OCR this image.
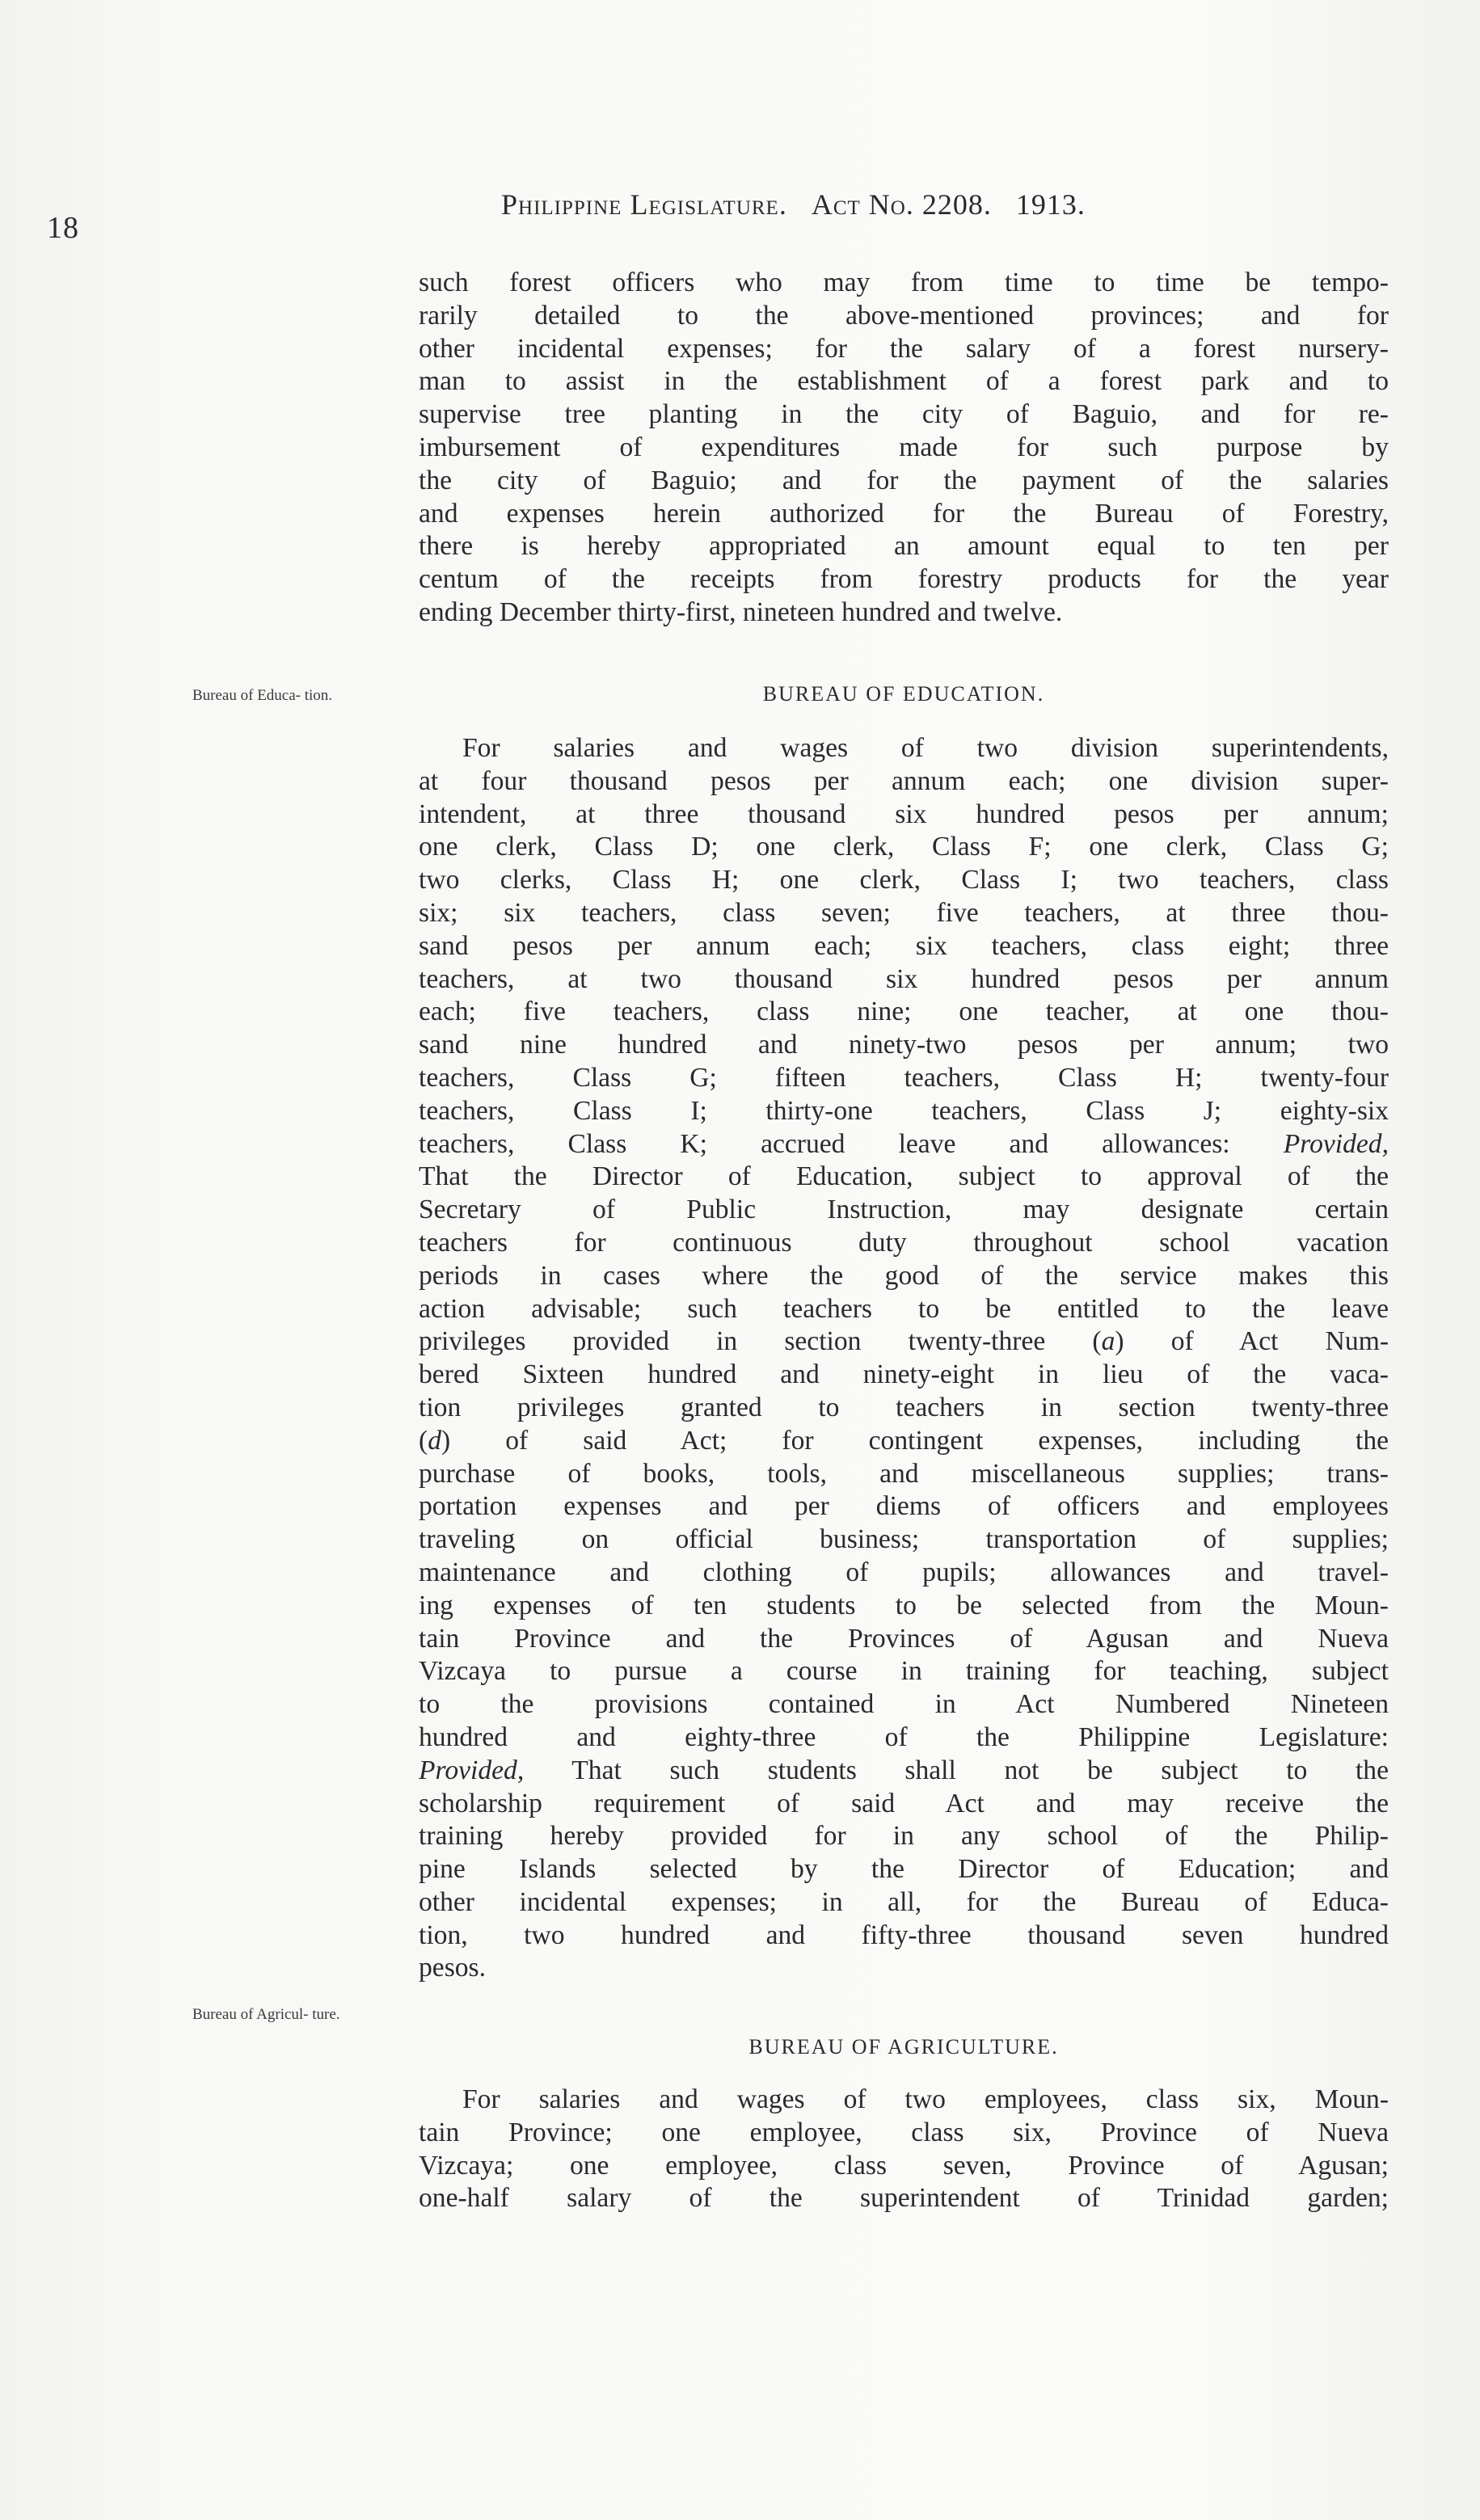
18
Philippine Legislature. Act No. 2208. 1913.
such forest officers who may from time to time be tempo-
rarily detailed to the above-mentioned provinces; and for
other incidental expenses; for the salary of a forest nursery-
man to assist in the establishment of a forest park and to
supervise tree planting in the city of Baguio, and for re-
imbursement of expenditures made for such purpose by
the city of Baguio; and for the payment of the salaries
and expenses herein authorized for the Bureau of Forestry,
there is hereby appropriated an amount equal to ten per
centum of the receipts from forestry products for the year
ending December thirty-first, nineteen hundred and twelve.
Bureau of Educa- tion.	BUREAU OF EDUCATION.
For salaries and wages of two division superintendents,
at four thousand pesos per annum each; one division super-
intendent, at three thousand six hundred pesos per annum;
one clerk, Class D; one clerk, Class F; one clerk, Class G;
two clerks, Class H; one clerk, Class I; two teachers, class
six; six teachers, class seven; five teachers, at three thou-
sand pesos per annum each; six teachers, class eight; three
teachers, at two thousand six hundred pesos per annum
each; five teachers, class nine; one teacher, at one thou-
sand nine hundred and ninety-two pesos per annum; two
teachers, Class G; fifteen teachers, Class H; twenty-four
teachers, Class I; thirty-one teachers, Class J; eighty-six
teachers, Class K; accrued leave and allowances: Provided,
That the Director of Education, subject to approval of the
Secretary of Public Instruction, may designate certain
teachers for continuous duty throughout school vacation
periods in cases where the good of the service makes this
action advisable; such teachers to be entitled to the leave
privileges provided in section twenty-three (a) of Act Num-
bered Sixteen hundred and ninety-eight in lieu of the vaca-
tion privileges granted to teachers in section twenty-three
(d) of said Act; for contingent expenses, including the
purchase of books, tools, and miscellaneous supplies; trans-
portation expenses and per diems of officers and employees
traveling on official business; transportation of supplies;
maintenance and clothing of pupils; allowances and travel-
ing expenses of ten students to be selected from the Moun-
tain Province and the Provinces of Agusan and Nueva
Vizcaya to pursue a course in training for teaching, subject
to the provisions contained in Act Numbered Nineteen
hundred and eighty-three of the Philippine Legislature:
Provided, That such students shall not be subject to the
scholarship requirement of said Act and may receive the
training hereby provided for in any school of the Philip-
pine Islands selected by the Director of Education; and
other incidental expenses; in all, for the Bureau of Educa-
tion, two hundred and fifty-three thousand seven hundred
pesos.
Bureau of Agricul- ture.
BUREAU OF AGRICULTURE.
For salaries and wages of two employees, class six, Moun-
tain Province; one employee, class six, Province of Nueva
Vizcaya; one employee, class seven, Province of Agusan;
one-half salary of the superintendent of Trinidad garden;
